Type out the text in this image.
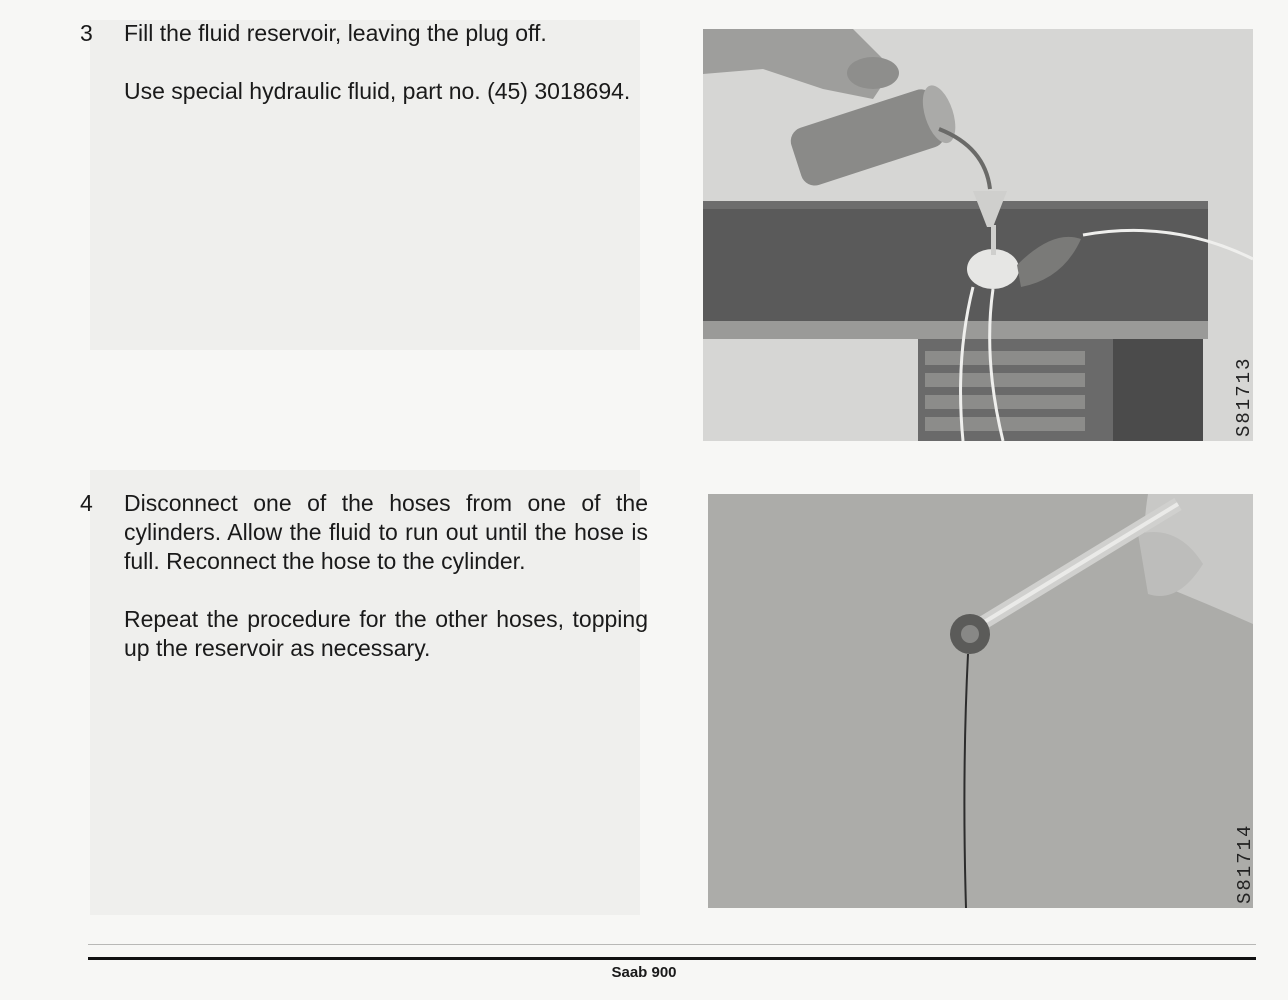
3 Fill the fluid reservoir, leaving the plug off.

Use special hydraulic fluid, part no. (45) 3018694.

4 Disconnect one of the hoses from one of the cylinders. Allow the fluid to run out until the hose is full. Reconnect the hose to the cylinder.

Repeat the procedure for the other hoses, topping up the reservoir as necessary.

S81713
S81714
Saab 900
